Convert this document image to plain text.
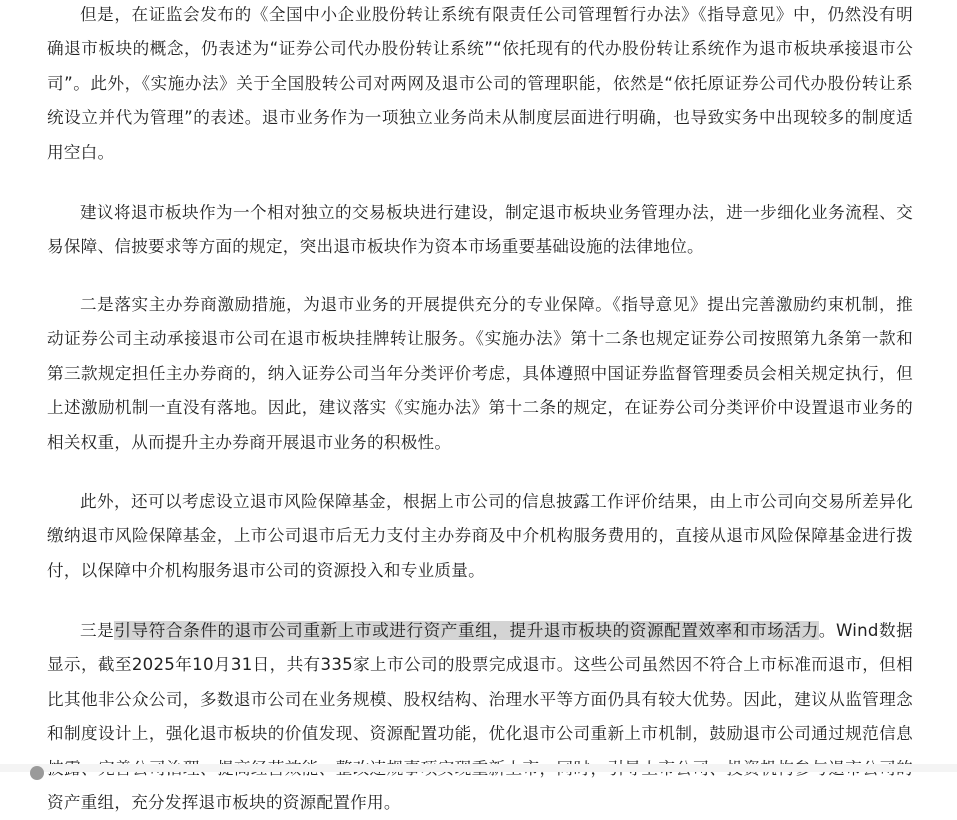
但是，在证监会发布的《全国中小企业股份转让系统有限责任公司管理暂行办法》《指导意见》中，仍然没有明确退市板块的概念，仍表述为“证券公司代办股份转让系统”“依托现有的代办股份转让系统作为退市板块承接退市公司”。此外，《实施办法》关于全国股转公司对两网及退市公司的管理职能，依然是“依托原证券公司代办股份转让系统设立并代为管理”的表述。退市业务作为一项独立业务尚未从制度层面进行明确，也导致实务中出现较多的制度适用空白。

建议将退市板块作为一个相对独立的交易板块进行建设，制定退市板块业务管理办法，进一步细化业务流程、交易保障、信披要求等方面的规定，突出退市板块作为资本市场重要基础设施的法律地位。

二是落实主办券商激励措施，为退市业务的开展提供充分的专业保障。《指导意见》提出完善激励约束机制，推动证券公司主动承接退市公司在退市板块挂牌转让服务。《实施办法》第十二条也规定证券公司按照第九条第一款和第三款规定担任主办券商的，纳入证券公司当年分类评价考虑，具体遵照中国证券监督管理委员会相关规定执行，但上述激励机制一直没有落地。因此，建议落实《实施办法》第十二条的规定，在证券公司分类评价中设置退市业务的相关权重，从而提升主办券商开展退市业务的积极性。

此外，还可以考虑设立退市风险保障基金，根据上市公司的信息披露工作评价结果，由上市公司向交易所差异化缴纳退市风险保障基金，上市公司退市后无力支付主办券商及中介机构服务费用的，直接从退市风险保障基金进行拨付，以保障中介机构服务退市公司的资源投入和专业质量。

三是引导符合条件的退市公司重新上市或进行资产重组，提升退市板块的资源配置效率和市场活力。Wind数据显示，截至2025年10月31日，共有335家上市公司的股票完成退市。这些公司虽然因不符合上市标准而退市，但相比其他非公众公司，多数退市公司在业务规模、股权结构、治理水平等方面仍具有较大优势。因此，建议从监管理念和制度设计上，强化退市板块的价值发现、资源配置功能，优化退市公司重新上市机制，鼓励退市公司通过规范信息 资产重组，充分发挥退市板块的资源配置作用。
